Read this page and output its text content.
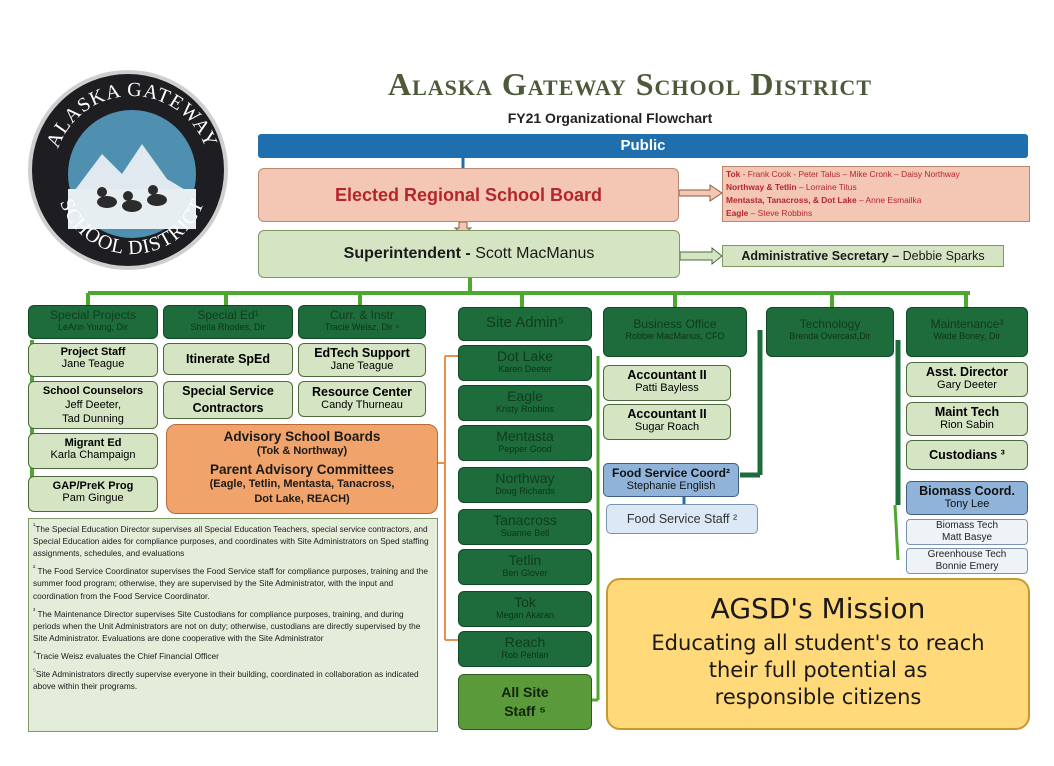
ALASKA GATEWAY
SCHOOL DISTRICT
Alaska Gateway School District
FY21 Organizational Flowchart
Public
Elected Regional School Board
Tok - Frank Cook - Peter Talus – Mike Cronk – Daisy Northway
Northway & Tetlin – Lorraine Titus
Mentasta, Tanacross, & Dot Lake – Anne Esmailka
Eagle – Steve Robbins
Superintendent - Scott MacManus	Administrative Secretary – Debbie Sparks
Special Projects
LeAnn Young, Dir
Special Ed¹
Sheila Rhodes, Dir
Curr. & Instr
Tracie Weisz, Dir ⁴	Site Admin⁵	Business Office
Robbie MacManus, CFO
Technology
Brenda Overcast,Dir
Maintenance³
Wade Boney, Dir
Project Staff
Jane Teague
School Counselors
Jeff Deeter,
Tad Dunning
Migrant Ed
Karla Champaign
GAP/PreK Prog
Pam Gingue
Itinerate SpEd
Special Service
Contractors
EdTech Support
Jane Teague
Resource Center
Candy Thurneau
Advisory School Boards
(Tok & Northway)
Parent Advisory Committees
(Eagle, Tetlin, Mentasta, Tanacross,
Dot Lake, REACH)
Dot Lake
Karen Deeter
Eagle
Kristy Robbins
Mentasta
Pepper Good
Northway
Doug Richards
Tanacross
Suanne Bell
Tetlin
Ben Glover
Tok
Megan Akaran
Reach
Rob Pehlan
All Site
Staff ⁵
Accountant II
Patti Bayless
Accountant II
Sugar Roach
Food Service Coord²
Stephanie English
Food Service Staff ²
Asst. Director
Gary Deeter
Maint Tech
Rion Sabin
Custodians ³
Biomass Coord.
Tony Lee
Biomass Tech
Matt Basye
Greenhouse Tech
Bonnie Emery
$^{^1}$The Special Education Director supervises all Special Education Teachers, special service contractors, and Special Education aides for compliance purposes, and coordinates with Site Administrators on Sped staffing assignments, schedules, and evaluations
$^{^2}$ The Food Service Coordinator supervises the Food Service staff for compliance purposes, training and the summer food program; otherwise, they are supervised by the Site Administrator, with the input and coordination from the Food Service Coordinator.
$^{^3}$ The Maintenance Director supervises Site Custodians for compliance purposes, training, and during periods when the Unit Administrators are not on duty; otherwise, custodians are directly supervised by the Site Administrator. Evaluations are done cooperative with the Site Administrator
$^{^4}$Tracie Weisz evaluates the Chief Financial Officer
$^{^5}$Site Administrators directly supervise everyone in their building, coordinated in collaboration as indicated above within their programs.
AGSD's Mission
Educating all student's to reach
their full potential as
responsible citizens
